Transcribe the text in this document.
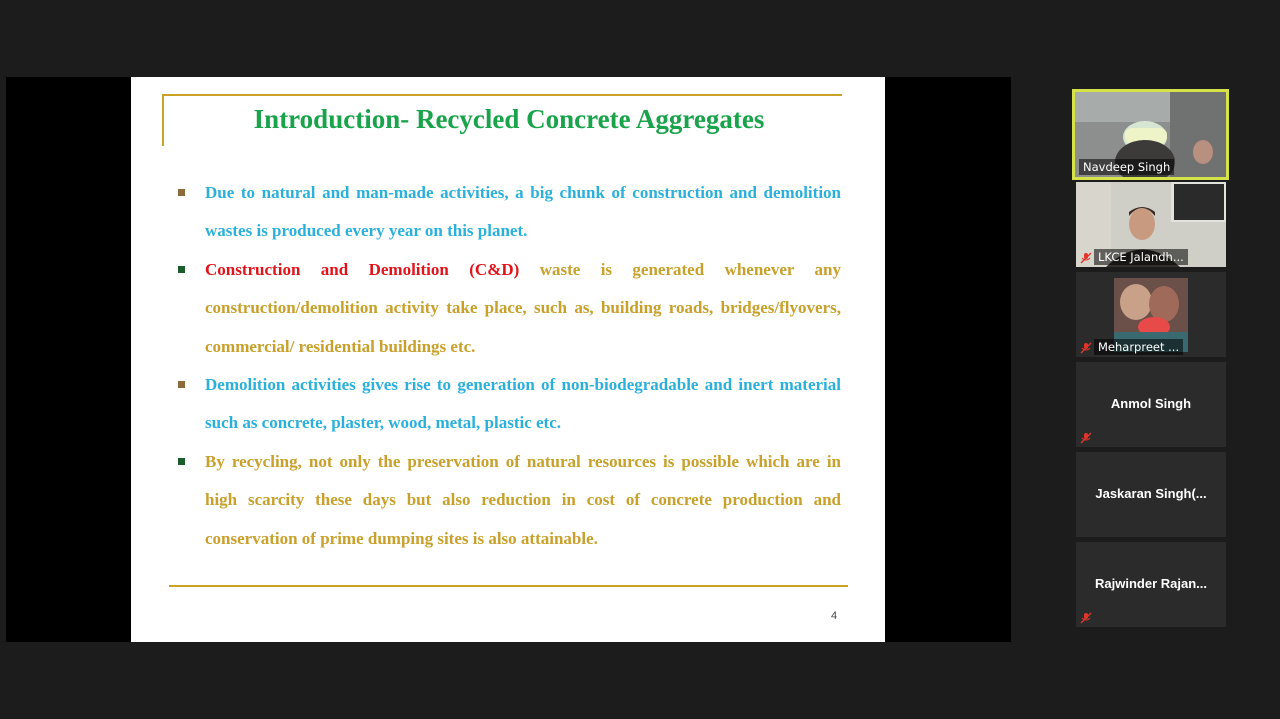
Introduction- Recycled Concrete Aggregates
Due to natural and man-made activities, a big chunk of construction and demolition wastes is produced every year on this planet.
Construction and Demolition (C&D) waste is generated whenever any construction/demolition activity take place, such as, building roads, bridges/flyovers, commercial/ residential buildings etc.
Demolition activities gives rise to generation of non-biodegradable and inert material such as concrete, plaster, wood, metal, plastic etc.
By recycling, not only the preservation of natural resources is possible which are in high scarcity these days but also reduction in cost of concrete production and conservation of prime dumping sites is also attainable.
4
Navdeep Singh
LKCE Jalandh...
Meharpreet ...
Anmol Singh
Jaskaran Singh(...
Rajwinder Rajan...
